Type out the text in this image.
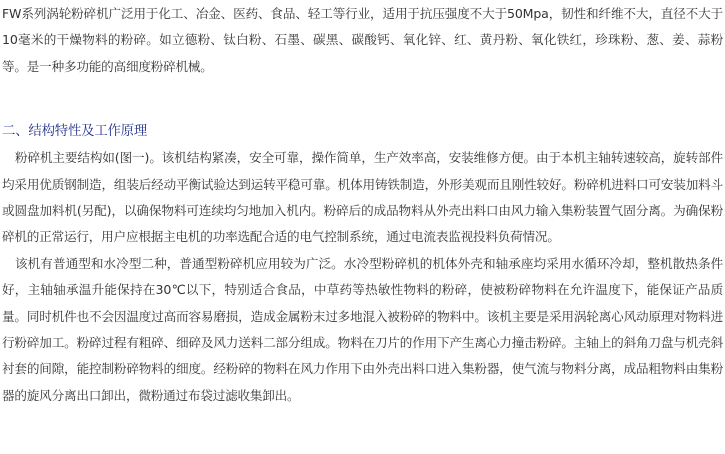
FW系列涡轮粉碎机广泛用于化工、冶金、医药、食品、轻工等行业，适用于抗压强度不大于50Mpa，韧性和纤维不大，直径不大于10毫米的干燥物料的粉碎。如立德粉、钛白粉、石墨、碳黑、碳酸钙、氧化锌、红、黄丹粉、氧化铁红，珍珠粉、葱、姜、蒜粉等。是一种多功能的高细度粉碎机械。

二、结构特性及工作原理

粉碎机主要结构如(图一)。该机结构紧凑，安全可靠，操作简单，生产效率高，安装维修方便。由于本机主轴转速较高，旋转部件均采用优质钢制造，组装后经动平衡试验达到运转平稳可靠。机体用铸铁制造，外形美观而且刚性较好。粉碎机进料口可安装加料斗或圆盘加料机(另配)，以确保物料可连续均匀地加入机内。粉碎后的成品物料从外壳出料口由风力输入集粉装置气固分离。为确保粉碎机的正常运行，用户应根据主电机的功率选配合适的电气控制系统，通过电流表监视投料负荷情况。

该机有普通型和水冷型二种，普通型粉碎机应用较为广泛。水冷型粉碎机的机体外壳和轴承座均采用水循环冷却，整机散热条件好，主轴轴承温升能保持在30℃以下，特别适合食品，中草药等热敏性物料的粉碎，使被粉碎物料在允许温度下，能保证产品质量。同时机件也不会因温度过高而容易磨损，造成金属粉末过多地混入被粉碎的物料中。该机主要是采用涡轮离心风动原理对物料进行粉碎加工。粉碎过程有粗碎、细碎及风力送料二部分组成。物料在刀片的作用下产生离心力撞击粉碎。主轴上的斜角刀盘与机壳斜衬套的间隙，能控制粉碎物料的细度。经粉碎的物料在风力作用下由外壳出料口进入集粉器，使气流与物料分离，成品粗物料由集粉器的旋风分离出口卸出，微粉通过布袋过滤收集卸出。
